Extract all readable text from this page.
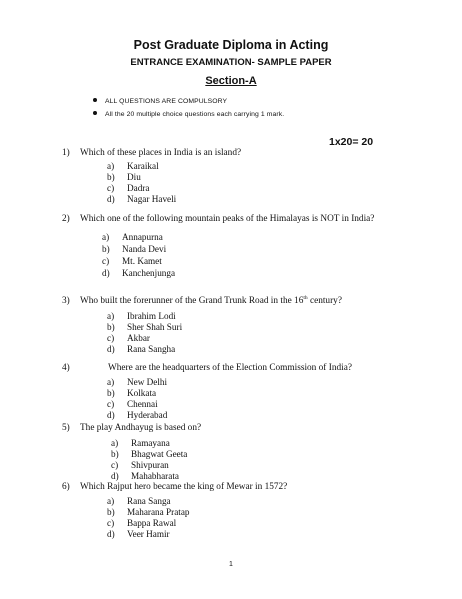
Post Graduate Diploma in Acting
ENTRANCE EXAMINATION- SAMPLE PAPER
Section-A
ALL QUESTIONS ARE COMPULSORY
All the 20 multiple choice questions each carrying 1 mark.
1x20= 20
1) Which of these places in India is an island?
a) Karaikal
b) Diu
c) Dadra
d) Nagar Haveli
2) Which one of the following mountain peaks of the Himalayas is NOT in India?
a) Annapurna
b) Nanda Devi
c) Mt. Kamet
d) Kanchenjunga
3) Who built the forerunner of the Grand Trunk Road in the 16th century?
a) Ibrahim Lodi
b) Sher Shah Suri
c) Akbar
d) Rana Sangha
4)	Where are the headquarters of the Election Commission of India?
a) New Delhi
b) Kolkata
c) Chennai
d) Hyderabad
5) The play Andhayug is based on?
a) Ramayana
b) Bhagwat Geeta
c) Shivpuran
d) Mahabharata
6) Which Rajput hero became the king of Mewar in 1572?
a) Rana Sanga
b) Maharana Pratap
c) Bappa Rawal
d) Veer Hamir
1
